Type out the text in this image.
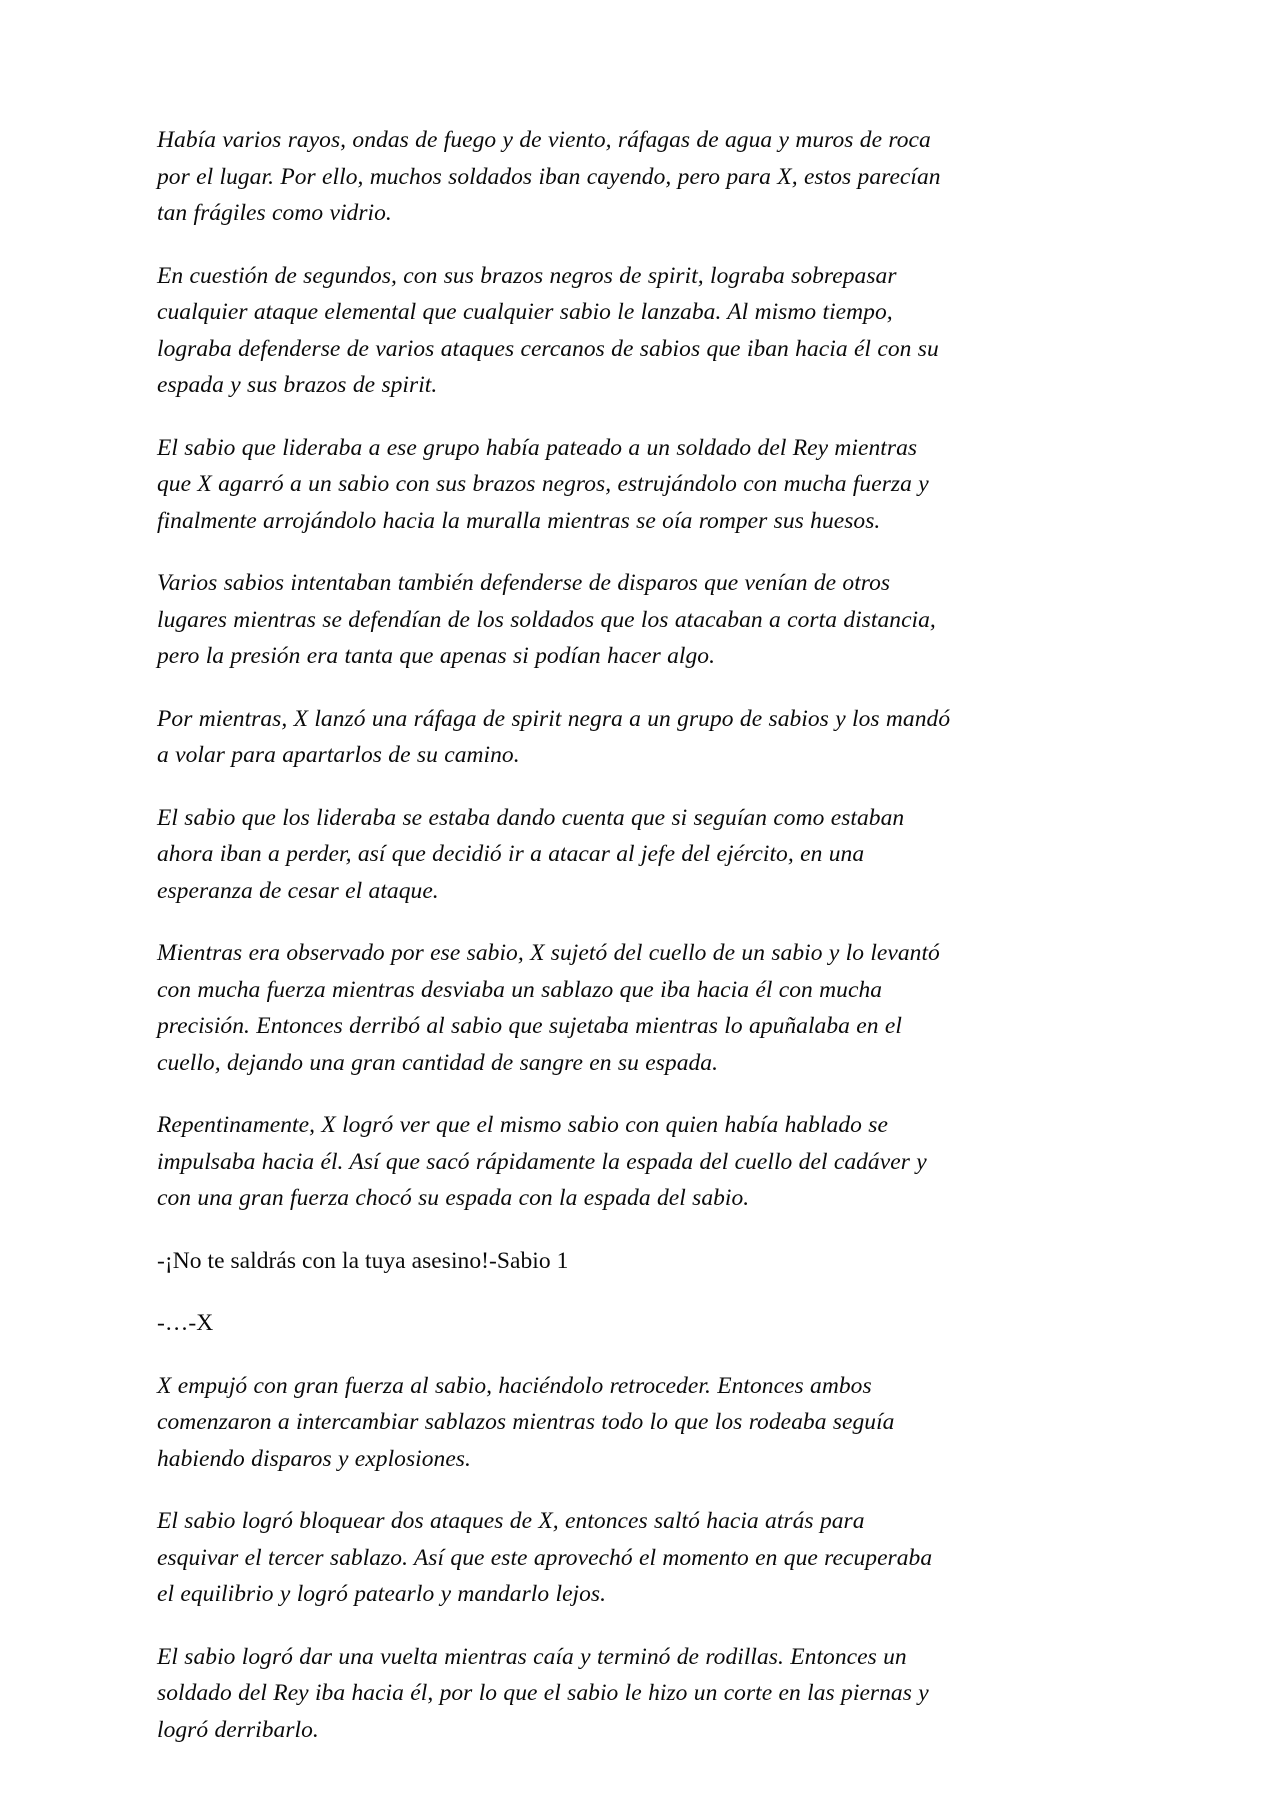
Había varios rayos, ondas de fuego y de viento, ráfagas de agua y muros de roca por el lugar. Por ello, muchos soldados iban cayendo, pero para X, estos parecían tan frágiles como vidrio.

En cuestión de segundos, con sus brazos negros de spirit, lograba sobrepasar cualquier ataque elemental que cualquier sabio le lanzaba. Al mismo tiempo, lograba defenderse de varios ataques cercanos de sabios que iban hacia él con su espada y sus brazos de spirit.

El sabio que lideraba a ese grupo había pateado a un soldado del Rey mientras que X agarró a un sabio con sus brazos negros, estrujándolo con mucha fuerza y finalmente arrojándolo hacia la muralla mientras se oía romper sus huesos.

Varios sabios intentaban también defenderse de disparos que venían de otros lugares mientras se defendían de los soldados que los atacaban a corta distancia, pero la presión era tanta que apenas si podían hacer algo.

Por mientras, X lanzó una ráfaga de spirit negra a un grupo de sabios y los mandó a volar para apartarlos de su camino.

El sabio que los lideraba se estaba dando cuenta que si seguían como estaban ahora iban a perder, así que decidió ir a atacar al jefe del ejército, en una esperanza de cesar el ataque.

Mientras era observado por ese sabio, X sujetó del cuello de un sabio y lo levantó con mucha fuerza mientras desviaba un sablazo que iba hacia él con mucha precisión. Entonces derribó al sabio que sujetaba mientras lo apuñalaba en el cuello, dejando una gran cantidad de sangre en su espada.

Repentinamente, X logró ver que el mismo sabio con quien había hablado se impulsaba hacia él. Así que sacó rápidamente la espada del cuello del cadáver y con una gran fuerza chocó su espada con la espada del sabio.

-¡No te saldrás con la tuya asesino!-Sabio 1

-…-X

X empujó con gran fuerza al sabio, haciéndolo retroceder. Entonces ambos comenzaron a intercambiar sablazos mientras todo lo que los rodeaba seguía habiendo disparos y explosiones.

El sabio logró bloquear dos ataques de X, entonces saltó hacia atrás para esquivar el tercer sablazo. Así que este aprovechó el momento en que recuperaba el equilibrio y logró patearlo y mandarlo lejos.

El sabio logró dar una vuelta mientras caía y terminó de rodillas. Entonces un soldado del Rey iba hacia él, por lo que el sabio le hizo un corte en las piernas y logró derribarlo.
